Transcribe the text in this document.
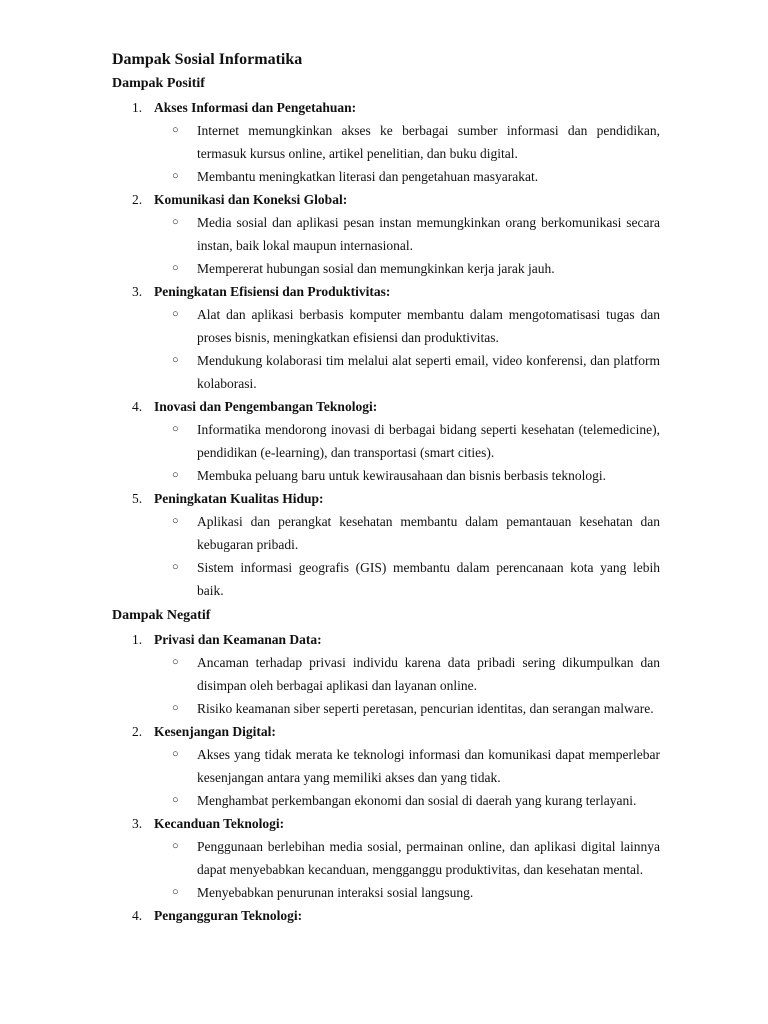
Dampak Sosial Informatika
Dampak Positif
1. Akses Informasi dan Pengetahuan:
○ Internet memungkinkan akses ke berbagai sumber informasi dan pendidikan, termasuk kursus online, artikel penelitian, dan buku digital.
○ Membantu meningkatkan literasi dan pengetahuan masyarakat.
2. Komunikasi dan Koneksi Global:
○ Media sosial dan aplikasi pesan instan memungkinkan orang berkomunikasi secara instan, baik lokal maupun internasional.
○ Mempererat hubungan sosial dan memungkinkan kerja jarak jauh.
3. Peningkatan Efisiensi dan Produktivitas:
○ Alat dan aplikasi berbasis komputer membantu dalam mengotomatisasi tugas dan proses bisnis, meningkatkan efisiensi dan produktivitas.
○ Mendukung kolaborasi tim melalui alat seperti email, video konferensi, dan platform kolaborasi.
4. Inovasi dan Pengembangan Teknologi:
○ Informatika mendorong inovasi di berbagai bidang seperti kesehatan (telemedicine), pendidikan (e-learning), dan transportasi (smart cities).
○ Membuka peluang baru untuk kewirausahaan dan bisnis berbasis teknologi.
5. Peningkatan Kualitas Hidup:
○ Aplikasi dan perangkat kesehatan membantu dalam pemantauan kesehatan dan kebugaran pribadi.
○ Sistem informasi geografis (GIS) membantu dalam perencanaan kota yang lebih baik.
Dampak Negatif
1. Privasi dan Keamanan Data:
○ Ancaman terhadap privasi individu karena data pribadi sering dikumpulkan dan disimpan oleh berbagai aplikasi dan layanan online.
○ Risiko keamanan siber seperti peretasan, pencurian identitas, dan serangan malware.
2. Kesenjangan Digital:
○ Akses yang tidak merata ke teknologi informasi dan komunikasi dapat memperlebar kesenjangan antara yang memiliki akses dan yang tidak.
○ Menghambat perkembangan ekonomi dan sosial di daerah yang kurang terlayani.
3. Kecanduan Teknologi:
○ Penggunaan berlebihan media sosial, permainan online, dan aplikasi digital lainnya dapat menyebabkan kecanduan, mengganggu produktivitas, dan kesehatan mental.
○ Menyebabkan penurunan interaksi sosial langsung.
4. Pengangguran Teknologi:
